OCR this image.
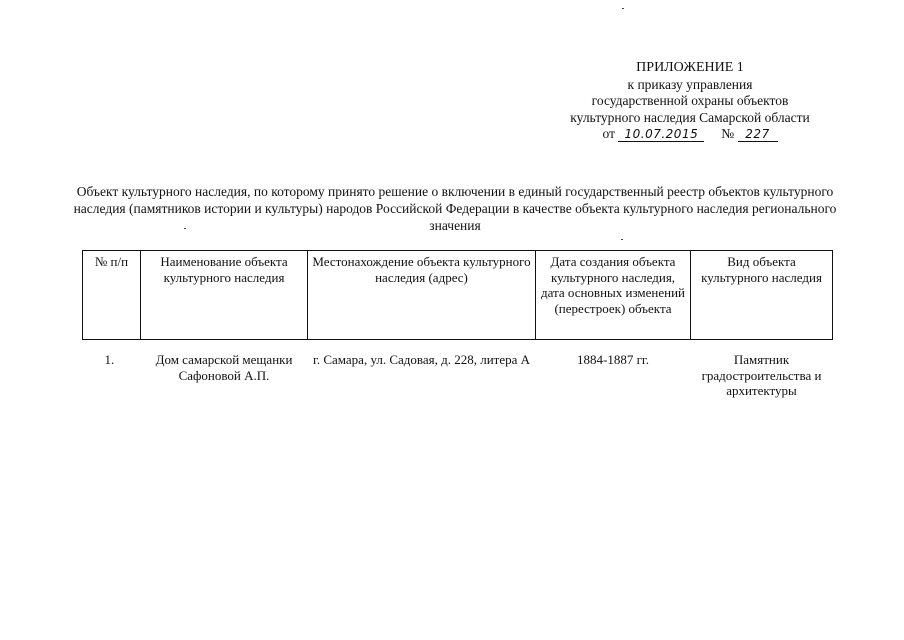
ПРИЛОЖЕНИЕ 1
к приказу управления
государственной охраны объектов
культурного наследия Самарской области
от 10.07.2015 № 227
Объект культурного наследия, по которому принято решение о включении в единый государственный реестр объектов культурного наследия (памятников истории и культуры) народов Российской Федерации в качестве объекта культурного наследия регионального значения
№ п/п	Наименование объекта культурного наследия	Местонахождение объекта культурного наследия (адрес)	Дата создания объекта культурного наследия, дата основных изменений (перестроек) объекта	Вид объекта культурного наследия
1.	Дом самарской мещанки Сафоновой А.П.	г. Самара, ул. Садовая, д. 228, литера А	1884-1887 гг.	Памятник градостроительства и архитектуры
